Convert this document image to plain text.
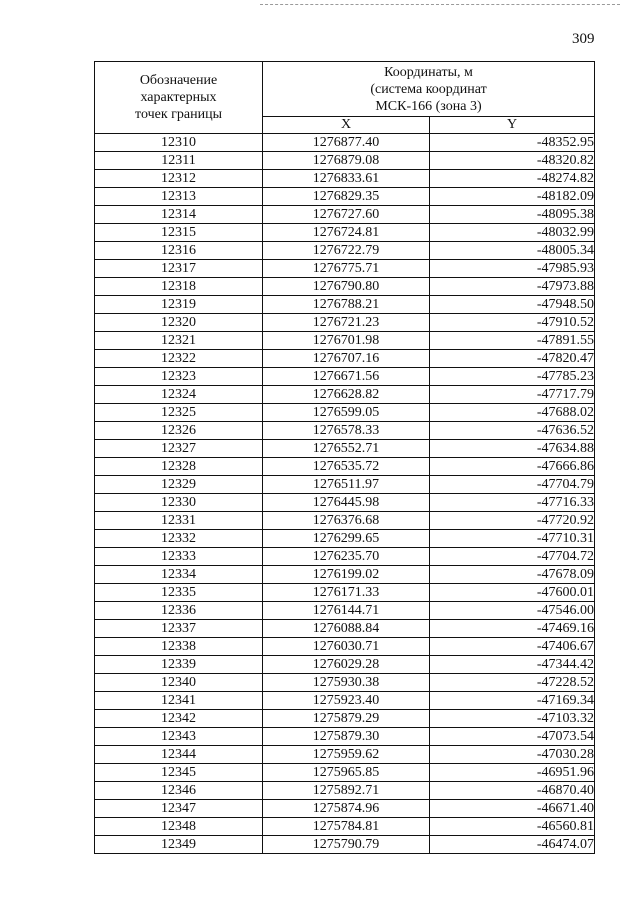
309
Обозначение
характерных
точек границы	Координаты, м
(система координат
МСК-166 (зона 3)	

	X	Y
12310	1276877.40	-48352.95
12311	1276879.08	-48320.82
12312	1276833.61	-48274.82
12313	1276829.35	-48182.09
12314	1276727.60	-48095.38
12315	1276724.81	-48032.99
12316	1276722.79	-48005.34
12317	1276775.71	-47985.93
12318	1276790.80	-47973.88
12319	1276788.21	-47948.50
12320	1276721.23	-47910.52
12321	1276701.98	-47891.55
12322	1276707.16	-47820.47
12323	1276671.56	-47785.23
12324	1276628.82	-47717.79
12325	1276599.05	-47688.02
12326	1276578.33	-47636.52
12327	1276552.71	-47634.88
12328	1276535.72	-47666.86
12329	1276511.97	-47704.79
12330	1276445.98	-47716.33
12331	1276376.68	-47720.92
12332	1276299.65	-47710.31
12333	1276235.70	-47704.72
12334	1276199.02	-47678.09
12335	1276171.33	-47600.01
12336	1276144.71	-47546.00
12337	1276088.84	-47469.16
12338	1276030.71	-47406.67
12339	1276029.28	-47344.42
12340	1275930.38	-47228.52
12341	1275923.40	-47169.34
12342	1275879.29	-47103.32
12343	1275879.30	-47073.54
12344	1275959.62	-47030.28
12345	1275965.85	-46951.96
12346	1275892.71	-46870.40
12347	1275874.96	-46671.40
12348	1275784.81	-46560.81
12349	1275790.79	-46474.07
